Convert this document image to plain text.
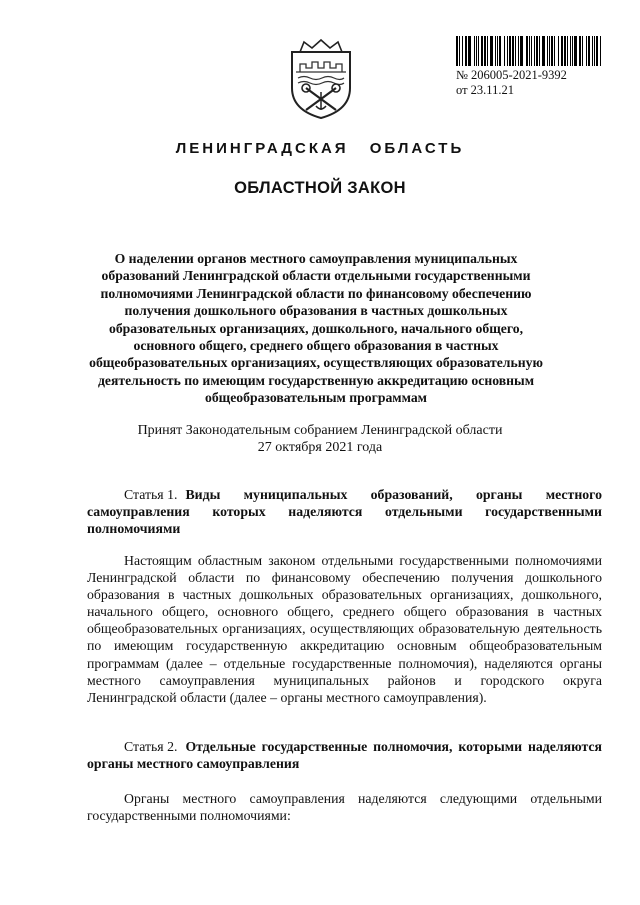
№ 206005-2021-9392
от 23.11.21
ЛЕНИНГРАДСКАЯ ОБЛАСТЬ
ОБЛАСТНОЙ ЗАКОН
О наделении органов местного самоуправления муниципальных образований Ленинградской области отдельными государственными полномочиями Ленинградской области по финансовому обеспечению получения дошкольного образования в частных дошкольных образовательных организациях, дошкольного, начального общего, основного общего, среднего общего образования в частных общеобразовательных организациях, осуществляющих образовательную деятельность по имеющим государственную аккредитацию основным общеобразовательным программам
Принят Законодательным собранием Ленинградской области
27 октября 2021 года
Статья 1. Виды муниципальных образований, органы местного самоуправления которых наделяются отдельными государственными полномочиями
Настоящим областным законом отдельными государственными полномочиями Ленинградской области по финансовому обеспечению получения дошкольного образования в частных дошкольных образовательных организациях, дошкольного, начального общего, основного общего, среднего общего образования в частных общеобразовательных организациях, осуществляющих образовательную деятельность по имеющим государственную аккредитацию основным общеобразовательным программам (далее – отдельные государственные полномочия), наделяются органы местного самоуправления муниципальных районов и городского округа Ленинградской области (далее – органы местного самоуправления).
Статья 2. Отдельные государственные полномочия, которыми наделяются органы местного самоуправления
Органы местного самоуправления наделяются следующими отдельными государственными полномочиями:
